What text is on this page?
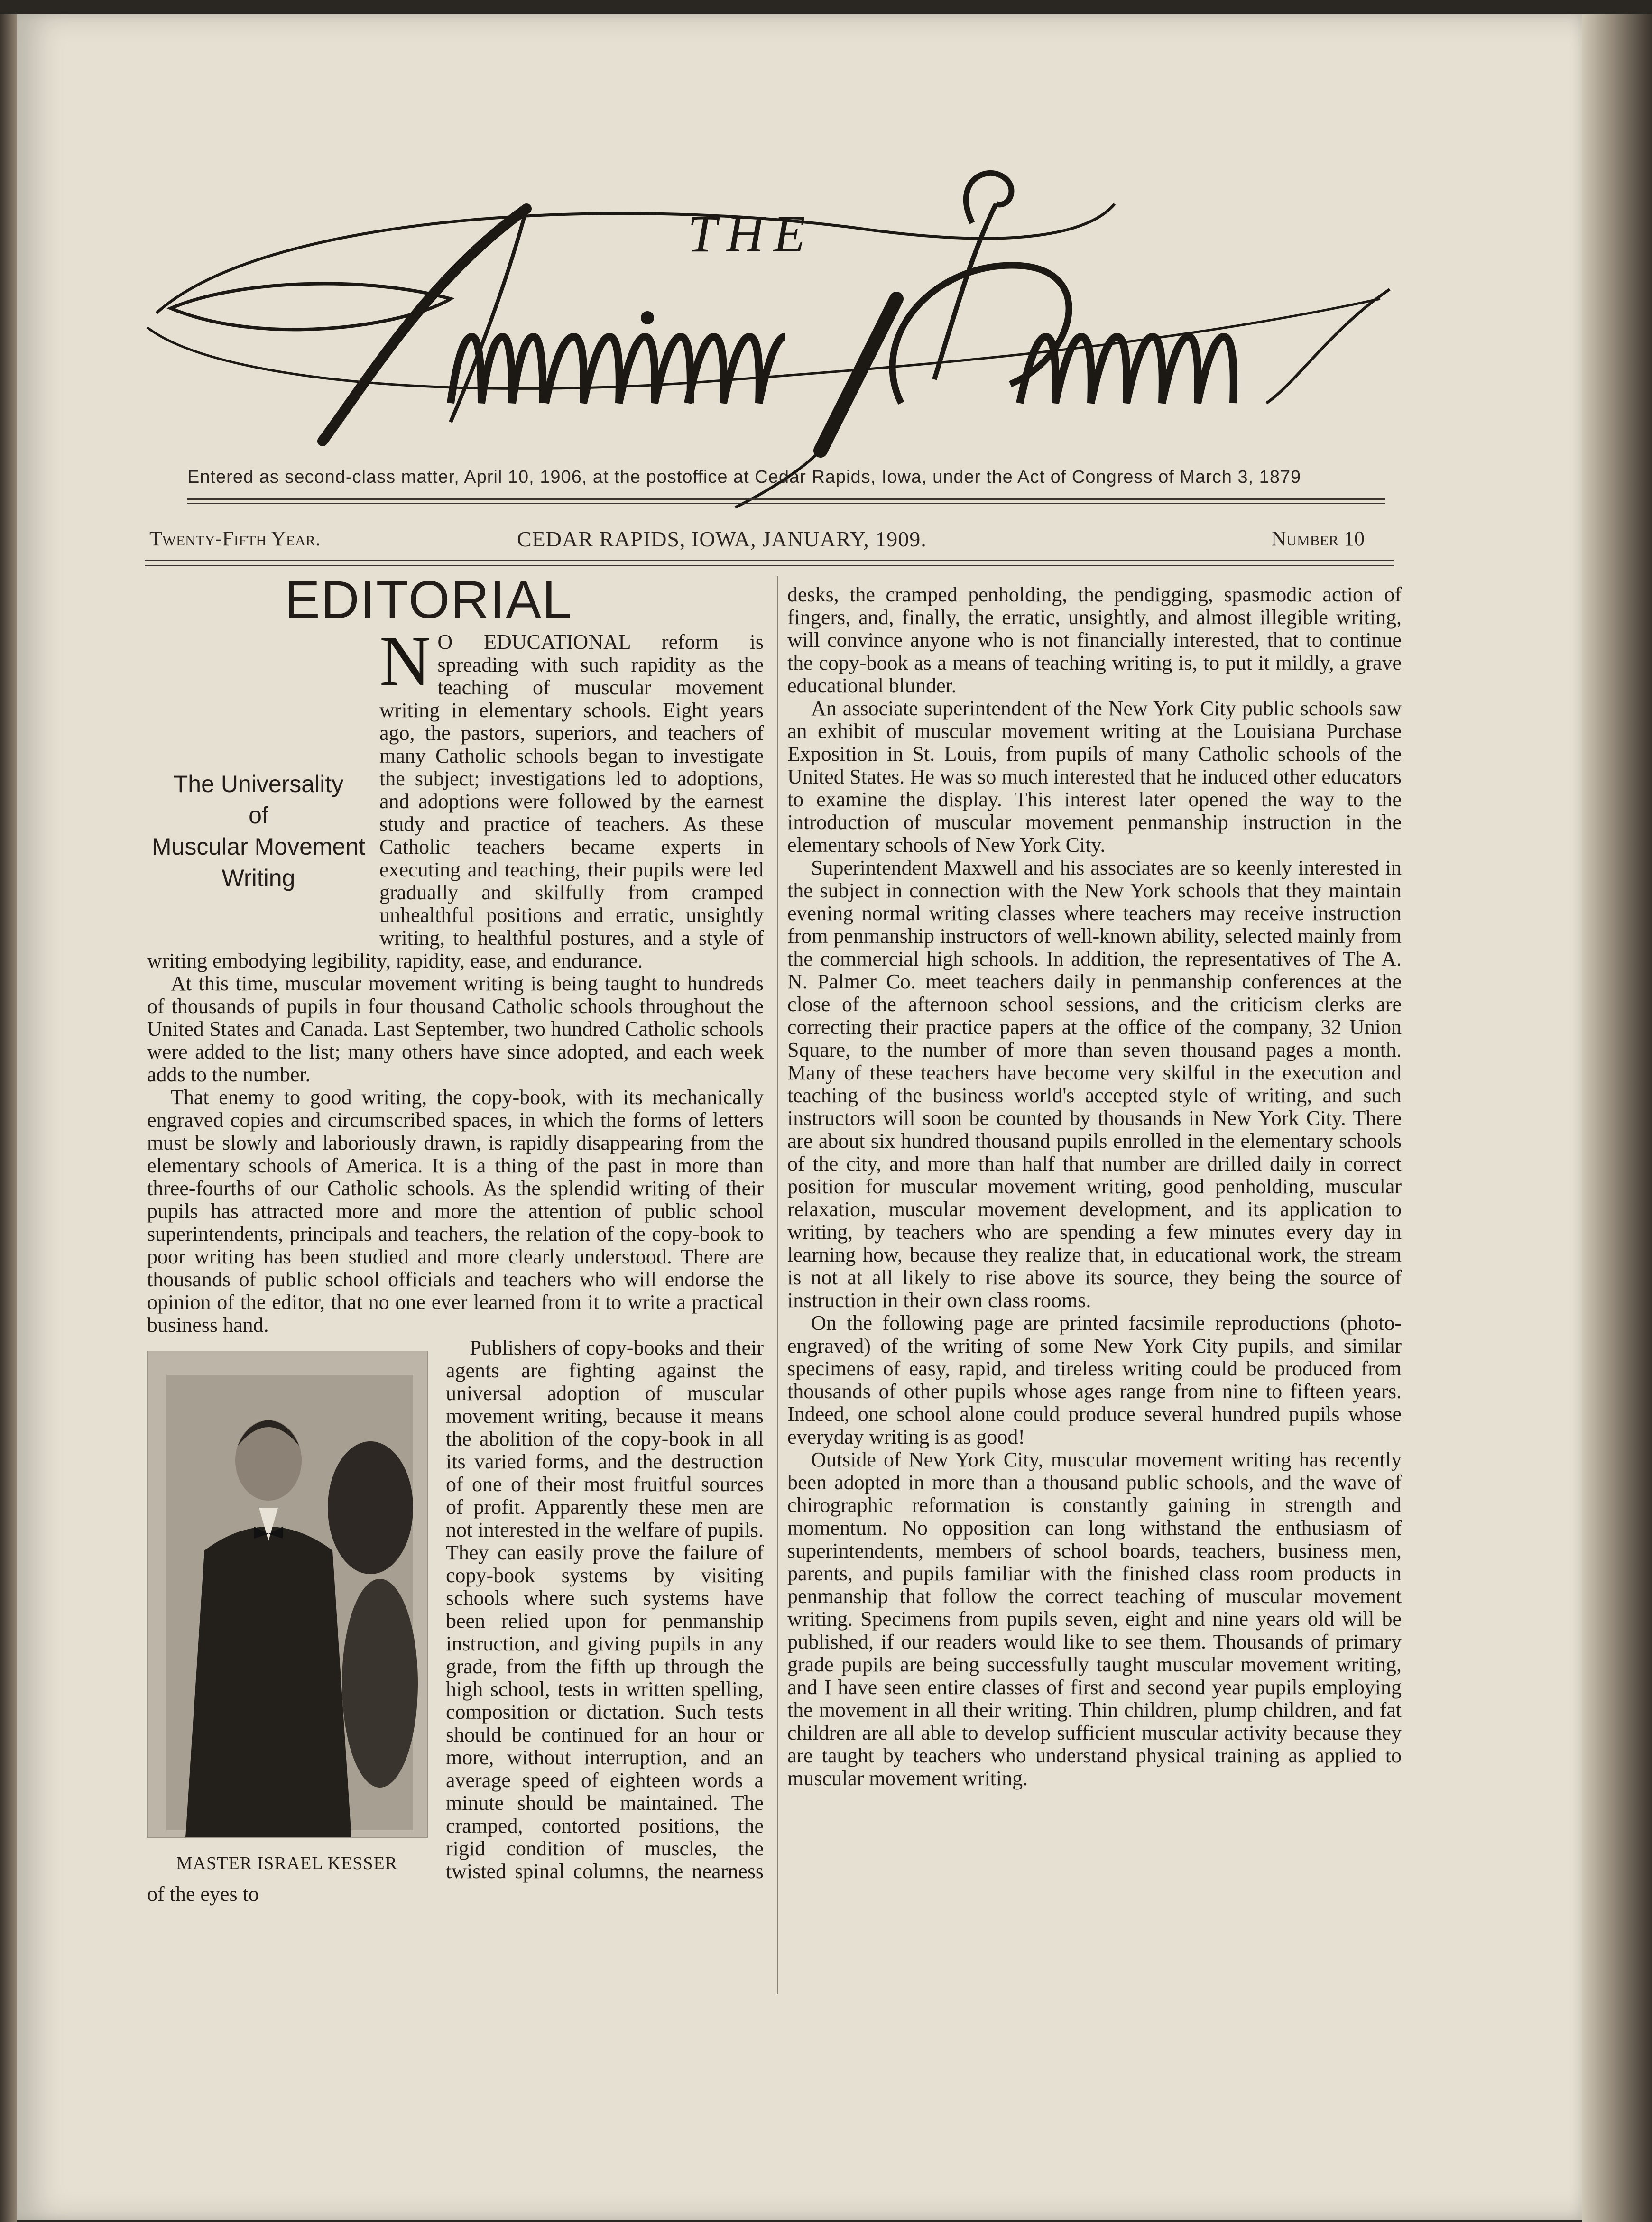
THE
Entered as second-class matter, April 10, 1906, at the postoffice at Cedar Rapids, Iowa, under the Act of Congress of March 3, 1879
Twenty-Fifth Year.	CEDAR RAPIDS, IOWA, JANUARY, 1909.	Number 10
EDITORIAL

N O EDUCATIONAL reform is spreading with such rapidity as the teaching of muscular movement writing in elementary schools. Eight years ago, the pastors, superiors, and teachers of many Catholic schools began to investigate the subject; investigations led to adoptions, and adoptions were followed by the earnest study and practice of teachers. As these Catholic teachers became experts in executing and teaching, their pupils were led gradually and skilfully from cramped unhealthful positions and erratic, unsightly writing, to healthful postures, and a style of writing embodying legibility, rapidity, ease, and endurance.

At this time, muscular movement writing is being taught to hundreds of thousands of pupils in four thousand Catholic schools throughout the United States and Canada. Last September, two hundred Catholic schools were added to the list; many others have since adopted, and each week adds to the number.

That enemy to good writing, the copy-book, with its mechanically engraved copies and circumscribed spaces, in which the forms of letters must be slowly and laboriously drawn, is rapidly disappearing from the elementary schools of America. It is a thing of the past in more than three-fourths of our Catholic schools. As the splendid writing of their pupils has attracted more and more the attention of public school superintendents, principals and teachers, the relation of the copy-book to poor writing has been studied and more clearly understood. There are thousands of public school officials and teachers who will endorse the opinion of the editor, that no one ever learned from it to write a practical business hand.

MASTER ISRAEL KESSER

Publishers of copy-books and their agents are fighting against the universal adoption of muscular movement writing, because it means the abolition of the copy-book in all its varied forms, and the destruction of one of their most fruitful sources of profit. Apparently these men are not interested in the welfare of pupils. They can easily prove the failure of copy-book systems by visiting schools where such systems have been relied upon for penmanship instruction, and giving pupils in any grade, from the fifth up through the high school, tests in written spelling, composition or dictation. Such tests should be continued for an hour or more, without interruption, and an average speed of eighteen words a minute should be maintained. The cramped, contorted positions, the rigid condition of muscles, the twisted spinal columns, the nearness of the eyes to

The Universality
of
Muscular Movement
Writing

desks, the cramped penholding, the pendigging, spasmodic action of fingers, and, finally, the erratic, unsightly, and almost illegible writing, will convince anyone who is not financially interested, that to continue the copy-book as a means of teaching writing is, to put it mildly, a grave educational blunder.

An associate superintendent of the New York City public schools saw an exhibit of muscular movement writing at the Louisiana Purchase Exposition in St. Louis, from pupils of many Catholic schools of the United States. He was so much interested that he induced other educators to examine the display. This interest later opened the way to the introduction of muscular movement penmanship instruction in the elementary schools of New York City.

Superintendent Maxwell and his associates are so keenly interested in the subject in connection with the New York schools that they maintain evening normal writing classes where teachers may receive instruction from penmanship instructors of well-known ability, selected mainly from the commercial high schools. In addition, the representatives of The A. N. Palmer Co. meet teachers daily in penmanship conferences at the close of the afternoon school sessions, and the criticism clerks are correcting their practice papers at the office of the company, 32 Union Square, to the number of more than seven thousand pages a month. Many of these teachers have become very skilful in the execution and teaching of the business world's accepted style of writing, and such instructors will soon be counted by thousands in New York City. There are about six hundred thousand pupils enrolled in the elementary schools of the city, and more than half that number are drilled daily in correct position for muscular movement writing, good penholding, muscular relaxation, muscular movement development, and its application to writing, by teachers who are spending a few minutes every day in learning how, because they realize that, in educational work, the stream is not at all likely to rise above its source, they being the source of instruction in their own class rooms.

On the following page are printed facsimile reproductions (photo-engraved) of the writing of some New York City pupils, and similar specimens of easy, rapid, and tireless writing could be produced from thousands of other pupils whose ages range from nine to fifteen years. Indeed, one school alone could produce several hundred pupils whose everyday writing is as good!

Outside of New York City, muscular movement writing has recently been adopted in more than a thousand public schools, and the wave of chirographic reformation is constantly gaining in strength and momentum. No opposition can long withstand the enthusiasm of superintendents, members of school boards, teachers, business men, parents, and pupils familiar with the finished class room products in penmanship that follow the correct teaching of muscular movement writing. Specimens from pupils seven, eight and nine years old will be published, if our readers would like to see them. Thousands of primary grade pupils are being successfully taught muscular movement writing, and I have seen entire classes of first and second year pupils employing the movement in all their writing. Thin children, plump children, and fat children are all able to develop sufficient muscular activity because they are taught by teachers who understand physical training as applied to muscular movement writing.
